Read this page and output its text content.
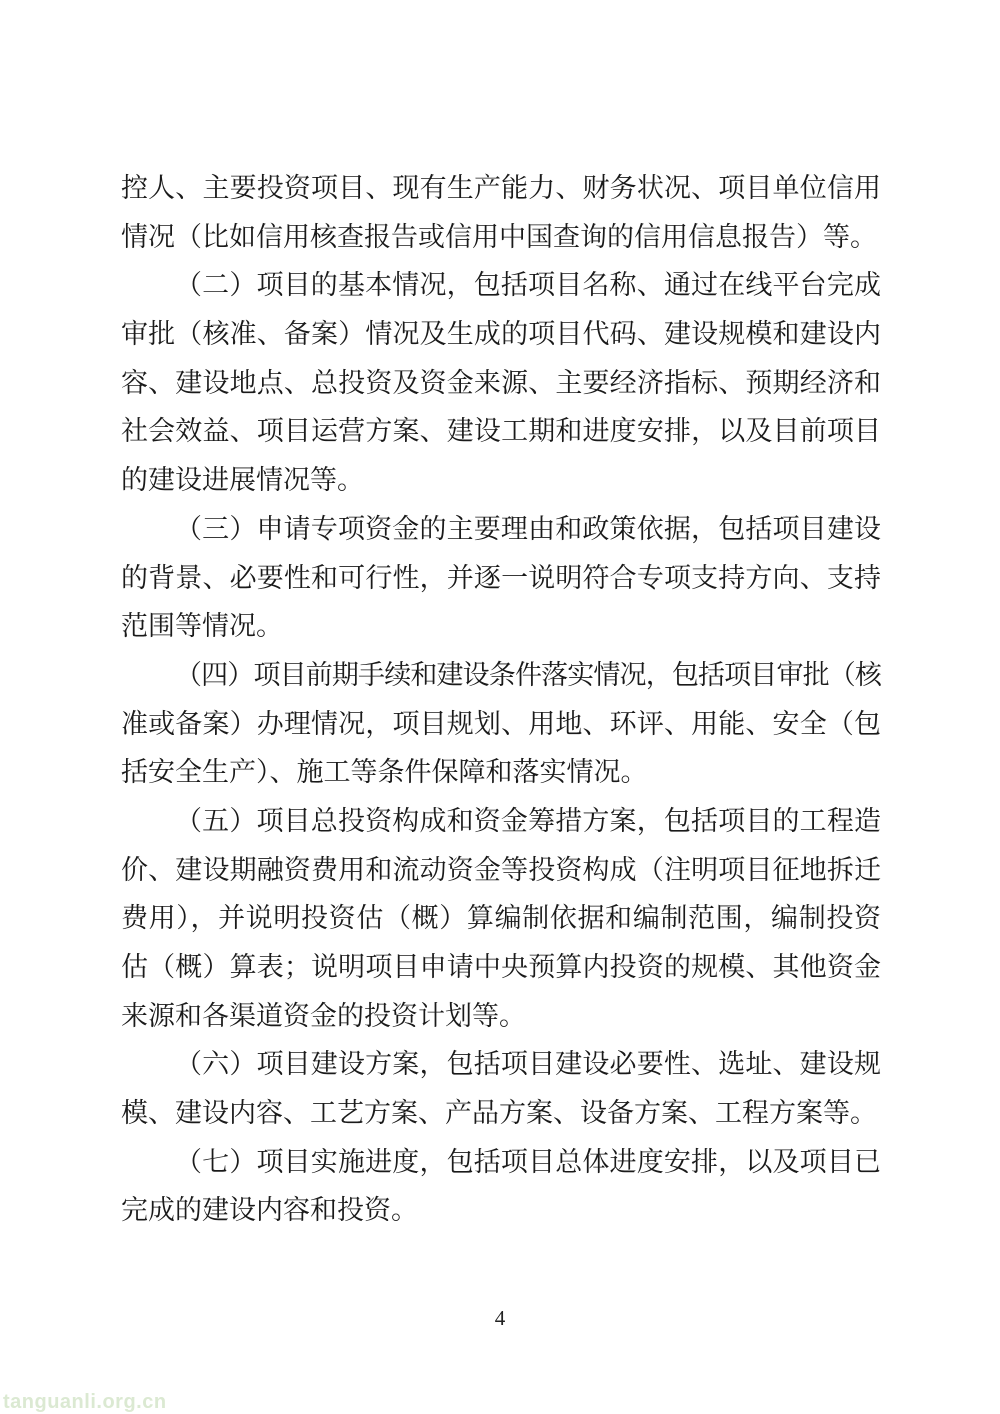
控人、主要投资项目、现有生产能力、财务状况、项目单位信用
情况（比如信用核查报告或信用中国查询的信用信息报告）等。
（二）项目的基本情况，包括项目名称、通过在线平台完成
审批（核准、备案）情况及生成的项目代码、建设规模和建设内
容、建设地点、总投资及资金来源、主要经济指标、预期经济和
社会效益、项目运营方案、建设工期和进度安排，以及目前项目
的建设进展情况等。
（三）申请专项资金的主要理由和政策依据，包括项目建设
的背景、必要性和可行性，并逐一说明符合专项支持方向、支持
范围等情况。
（四）项目前期手续和建设条件落实情况，包括项目审批（核
准或备案）办理情况，项目规划、用地、环评、用能、安全（包
括安全生产）、施工等条件保障和落实情况。
（五）项目总投资构成和资金筹措方案，包括项目的工程造
价、建设期融资费用和流动资金等投资构成（注明项目征地拆迁
费用），并说明投资估（概）算编制依据和编制范围，编制投资
估（概）算表；说明项目申请中央预算内投资的规模、其他资金
来源和各渠道资金的投资计划等。
（六）项目建设方案，包括项目建设必要性、选址、建设规
模、建设内容、工艺方案、产品方案、设备方案、工程方案等。
（七）项目实施进度，包括项目总体进度安排，以及项目已
完成的建设内容和投资。
4
tanguanli.org.cn
